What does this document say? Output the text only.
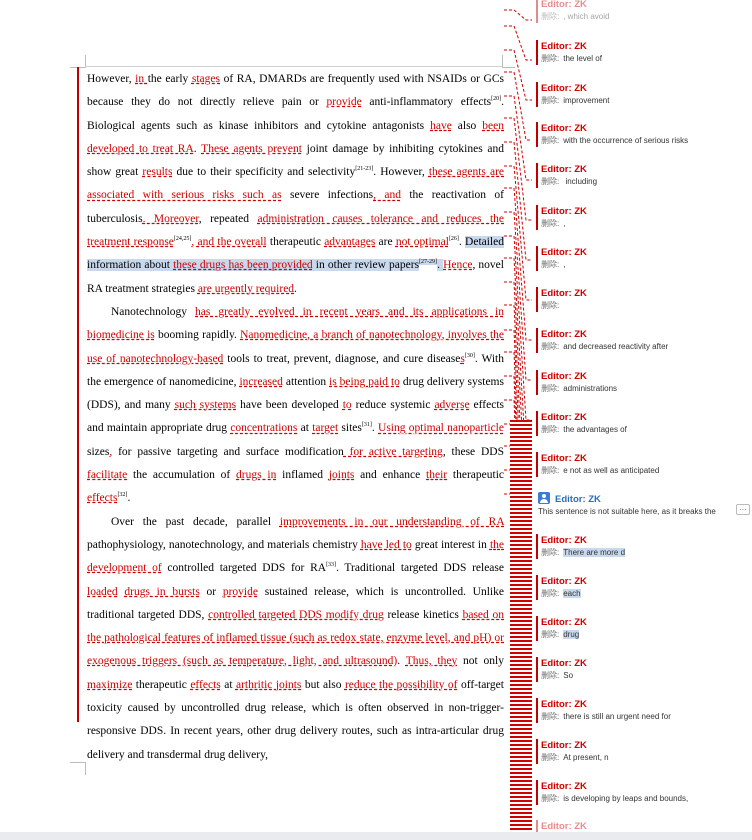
However, in the early stages of RA, DMARDs are frequently used with NSAIDs or GCs because they do not directly relieve pain or provide anti-inflammatory effects[20]. Biological agents such as kinase inhibitors and cytokine antagonists have also been developed to treat RA. These agents prevent joint damage by inhibiting cytokines and show great results due to their specificity and selectivity[21-23]. However, these agents are associated with serious risks such as severe infections, and the reactivation of tuberculosis. Moreover, repeated administration causes tolerance and reduces the treatment response[24,25], and the overall therapeutic advantages are not optimal[26]. Detailed information about these drugs has been provided in other review papers[27-29]. Hence, novel RA treatment strategies are urgently required.

Nanotechnology has greatly evolved in recent years and its applications in biomedicine is booming rapidly. Nanomedicine, a branch of nanotechnology, involves the use of nanotechnology-based tools to treat, prevent, diagnose, and cure diseases[30]. With the emergence of nanomedicine, increased attention is being paid to drug delivery systems (DDS), and many such systems have been developed to reduce systemic adverse effects and maintain appropriate drug concentrations at target sites[31]. Using optimal nanoparticle sizes, for passive targeting and surface modification for active targeting, these DDS facilitate the accumulation of drugs in inflamed joints and enhance their therapeutic effects[32].

Over the past decade, parallel improvements in our understanding of RA pathophysiology, nanotechnology, and materials chemistry have led to great interest in the development of controlled targeted DDS for RA[33]. Traditional targeted DDS release loaded drugs in bursts or provide sustained release, which is uncontrolled. Unlike traditional targeted DDS, controlled targeted DDS modify drug release kinetics based on the pathological features of inflamed tissue (such as redox state, enzyme level, and pH) or exogenous triggers (such as temperature, light, and ultrasound). Thus, they not only maximize therapeutic effects at arthritic joints but also reduce the possibility of off-target toxicity caused by uncontrolled drug release, which is often observed in non-trigger-responsive DDS. In recent years, other drug delivery routes, such as intra-articular drug delivery and transdermal drug delivery,

Editor: ZK
删除: , which avoid
Editor: ZK
删除: the level of
Editor: ZK
删除: improvement
Editor: ZK
删除: with the occurrence of serious risks
Editor: ZK
删除: including
Editor: ZK
删除: ,
Editor: ZK
删除: ,
Editor: ZK
删除:
Editor: ZK
删除: and decreased reactivity after
Editor: ZK
删除: administrations
Editor: ZK
删除: the advantages of
Editor: ZK
删除: e not as well as anticipated
Editor: ZK
This sentence is not suitable here, as it breaks the	···
Editor: ZK
删除: There are more d
Editor: ZK
删除: each
Editor: ZK
删除: drug
Editor: ZK
删除: So
Editor: ZK
删除: there is still an urgent need for
Editor: ZK
删除: At present, n
Editor: ZK
删除: is developing by leaps and bounds,
Editor: ZK
